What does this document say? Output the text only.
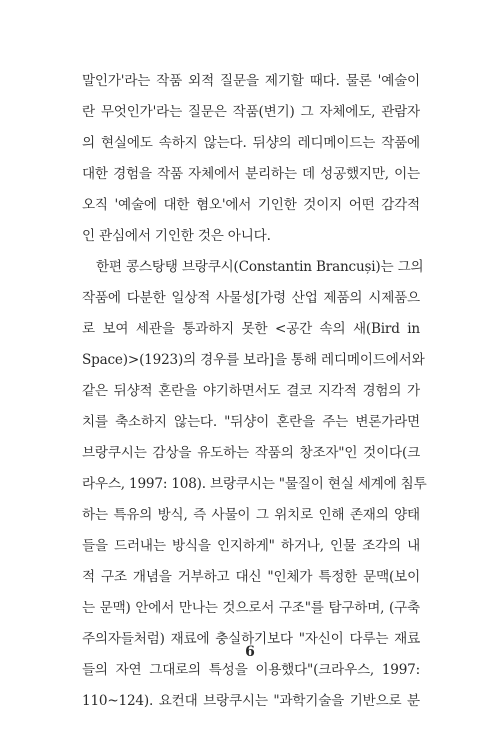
말인가'라는 작품 외적 질문을 제기할 때다. 물론 '예술이
란 무엇인가'라는 질문은 작품(변기) 그 자체에도, 관람자
의 현실에도 속하지 않는다. 뒤샹의 레디메이드는 작품에
대한 경험을 작품 자체에서 분리하는 데 성공했지만, 이는
오직 '예술에 대한 혐오'에서 기인한 것이지 어떤 감각적
인 관심에서 기인한 것은 아니다.
한편 콩스탕탱 브랑쿠시(Constantin Brancuși)는 그의
작품에 다분한 일상적 사물성[가령 산업 제품의 시제품으
로 보여 세관을 통과하지 못한 <공간 속의 새(Bird in
Space)>(1923)의 경우를 보라]을 통해 레디메이드에서와
같은 뒤샹적 혼란을 야기하면서도 결코 지각적 경험의 가
치를 축소하지 않는다. "뒤샹이 혼란을 주는 변론가라면
브랑쿠시는 감상을 유도하는 작품의 창조자"인 것이다(크
라우스, 1997: 108). 브랑쿠시는 "물질이 현실 세계에 침투
하는 특유의 방식, 즉 사물이 그 위치로 인해 존재의 양태
들을 드러내는 방식을 인지하게" 하거나, 인물 조각의 내
적 구조 개념을 거부하고 대신 "인체가 특정한 문맥(보이
는 문맥) 안에서 만나는 것으로서 구조"를 탐구하며, (구축
주의자들처럼) 재료에 충실하기보다 "자신이 다루는 재료
들의 자연 그대로의 특성을 이용했다"(크라우스, 1997:
110~124). 요컨대 브랑쿠시는 "과학기술을 기반으로 분
6
